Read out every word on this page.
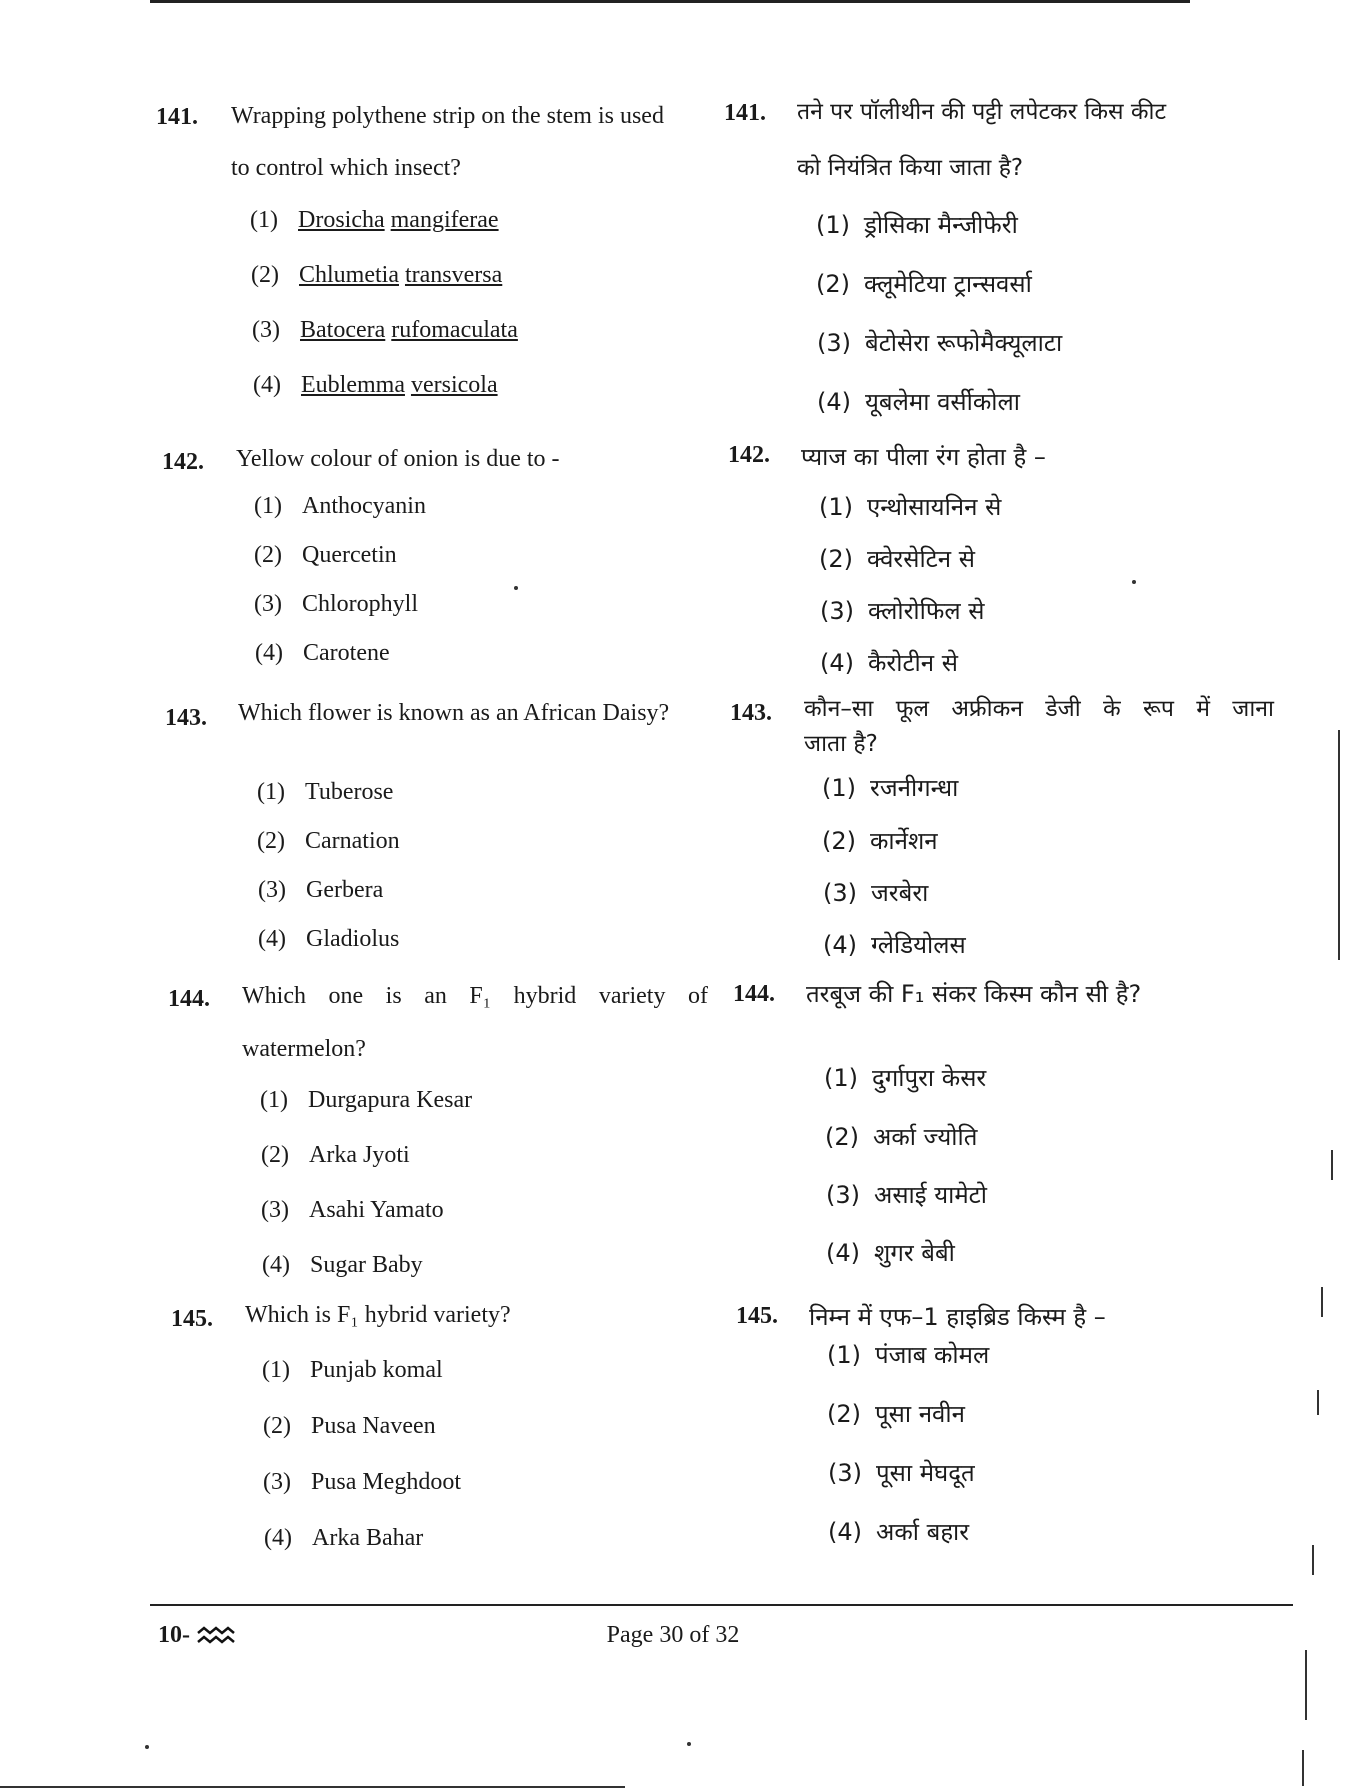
141. Wrapping polythene strip on the stem is used
to control which insect?
(1) Drosicha mangiferae
(2) Chlumetia transversa
(3) Batocera rufomaculata
(4) Eublemma versicola
141. तने पर पॉलीथीन की पट्टी लपेटकर किस कीट
को नियंत्रित किया जाता है?
(1) ड्रोसिका मैन्जीफेरी
(2) क्लूमेटिया ट्रान्सवर्सा
(3) बेटोसेरा रूफोमैक्यूलाटा
(4) यूबलेमा वर्सीकोला
142. Yellow colour of onion is due to -
(1) Anthocyanin
(2) Quercetin
(3) Chlorophyll
(4) Carotene
142. प्याज का पीला रंग होता है –
(1) एन्थोसायनिन से
(2) क्वेरसेटिन से
(3) क्लोरोफिल से
(4) कैरोटीन से
143. Which flower is known as an African Daisy?
(1) Tuberose
(2) Carnation
(3) Gerbera
(4) Gladiolus
143. कौन–सा फूल अफ्रीकन डेजी के रूप में जाना
जाता है?
(1) रजनीगन्धा
(2) कार्नेशन
(3) जरबेरा
(4) ग्लेडियोलस
144. Which one is an F₁ hybrid variety of
watermelon?
(1) Durgapura Kesar
(2) Arka Jyoti
(3) Asahi Yamato
(4) Sugar Baby
144. तरबूज की F₁ संकर किस्म कौन सी है?
(1) दुर्गापुरा केसर
(2) अर्का ज्योति
(3) असाई यामेटो
(4) शुगर बेबी
145. Which is F₁ hybrid variety?
(1) Punjab komal
(2) Pusa Naveen
(3) Pusa Meghdoot
(4) Arka Bahar
145. निम्न में एफ–1 हाइब्रिड किस्म है –
(1) पंजाब कोमल
(2) पूसा नवीन
(3) पूसा मेघदूत
(4) अर्का बहार
10-	Page 30 of 32
